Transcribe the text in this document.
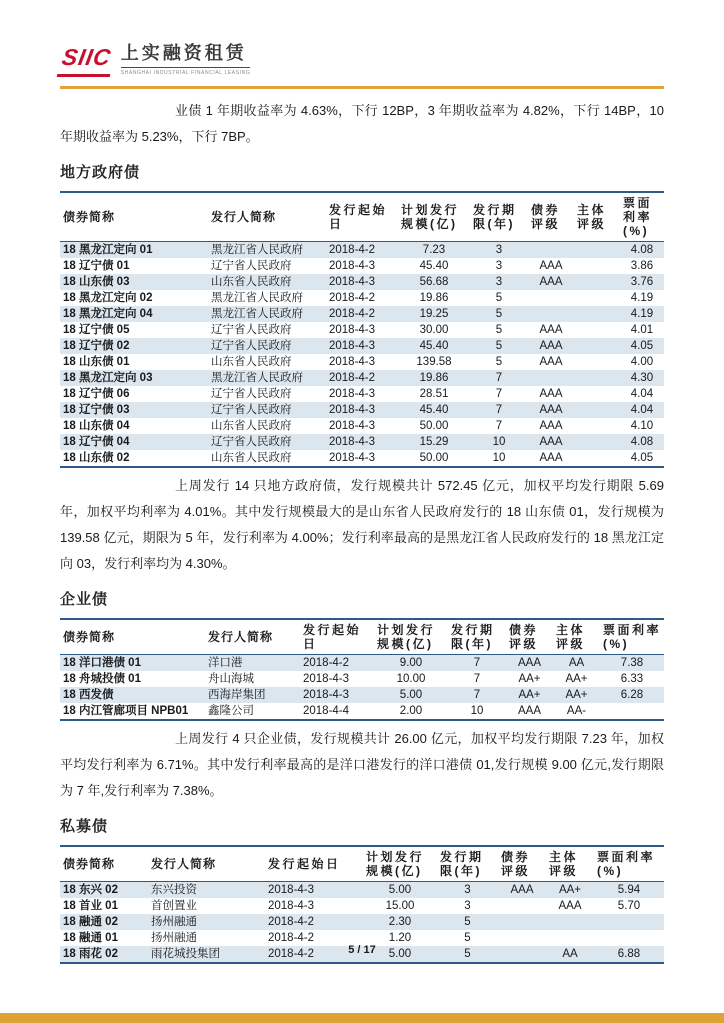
SIIC 上实融资租赁
SHANGHAI INDUSTRIAL FINANCIAL LEASING

业债 1 年期收益率为 4.63%，下行 12BP，3 年期收益率为 4.82%，下行 14BP，10 年期收益率为 5.23%，下行 7BP。

地方政府债
债券简称	发行人简称	发行起始日	计划发行规模(亿)	发行期限(年)	债券评级	主体评级	票面利率(%)
18 黑龙江定向 01	黑龙江省人民政府	2018-4-2	7.23	3			4.08
18 辽宁债 01	辽宁省人民政府	2018-4-3	45.40	3	AAA		3.86
18 山东债 03	山东省人民政府	2018-4-3	56.68	3	AAA		3.76
18 黑龙江定向 02	黑龙江省人民政府	2018-4-2	19.86	5			4.19
18 黑龙江定向 04	黑龙江省人民政府	2018-4-2	19.25	5			4.19
18 辽宁债 05	辽宁省人民政府	2018-4-3	30.00	5	AAA		4.01
18 辽宁债 02	辽宁省人民政府	2018-4-3	45.40	5	AAA		4.05
18 山东债 01	山东省人民政府	2018-4-3	139.58	5	AAA		4.00
18 黑龙江定向 03	黑龙江省人民政府	2018-4-2	19.86	7			4.30
18 辽宁债 06	辽宁省人民政府	2018-4-3	28.51	7	AAA		4.04
18 辽宁债 03	辽宁省人民政府	2018-4-3	45.40	7	AAA		4.04
18 山东债 04	山东省人民政府	2018-4-3	50.00	7	AAA		4.10
18 辽宁债 04	辽宁省人民政府	2018-4-3	15.29	10	AAA		4.08
18 山东债 02	山东省人民政府	2018-4-3	50.00	10	AAA		4.05

上周发行 14 只地方政府债，发行规模共计 572.45 亿元，加权平均发行期限 5.69 年，加权平均利率为 4.01%。其中发行规模最大的是山东省人民政府发行的 18 山东债 01，发行规模为 139.58 亿元，期限为 5 年，发行利率为 4.00%；发行利率最高的是黑龙江省人民政府发行的 18 黑龙江定向 03，发行利率均为 4.30%。

企业债
债券简称	发行人简称	发行起始日	计划发行规模(亿)	发行期限(年)	债券评级	主体评级	票面利率(%)
18 洋口港债 01	洋口港	2018-4-2	9.00	7	AAA	AA	7.38
18 舟城投债 01	舟山海城	2018-4-3	10.00	7	AA+	AA+	6.33
18 西发债	西海岸集团	2018-4-3	5.00	7	AA+	AA+	6.28
18 内江管廊项目 NPB01	鑫隆公司	2018-4-4	2.00	10	AAA	AA-	

上周发行 4 只企业债，发行规模共计 26.00 亿元，加权平均发行期限 7.23 年，加权平均发行利率为 6.71%。其中发行利率最高的是洋口港发行的洋口港债 01,发行规模 9.00 亿元,发行期限为 7 年,发行利率为 7.38%。

私募债
债券简称	发行人简称	发行起始日	计划发行规模(亿)	发行期限(年)	债券评级	主体评级	票面利率(%)
18 东兴 02	东兴投资	2018-4-3	5.00	3	AAA	AA+	5.94
18 首业 01	首创置业	2018-4-3	15.00	3		AAA	5.70
18 融通 02	扬州融通	2018-4-2	2.30	5			
18 融通 01	扬州融通	2018-4-2	1.20	5			
18 雨花 02	雨花城投集团	2018-4-2	5.00	5		AA	6.88
5 / 17
